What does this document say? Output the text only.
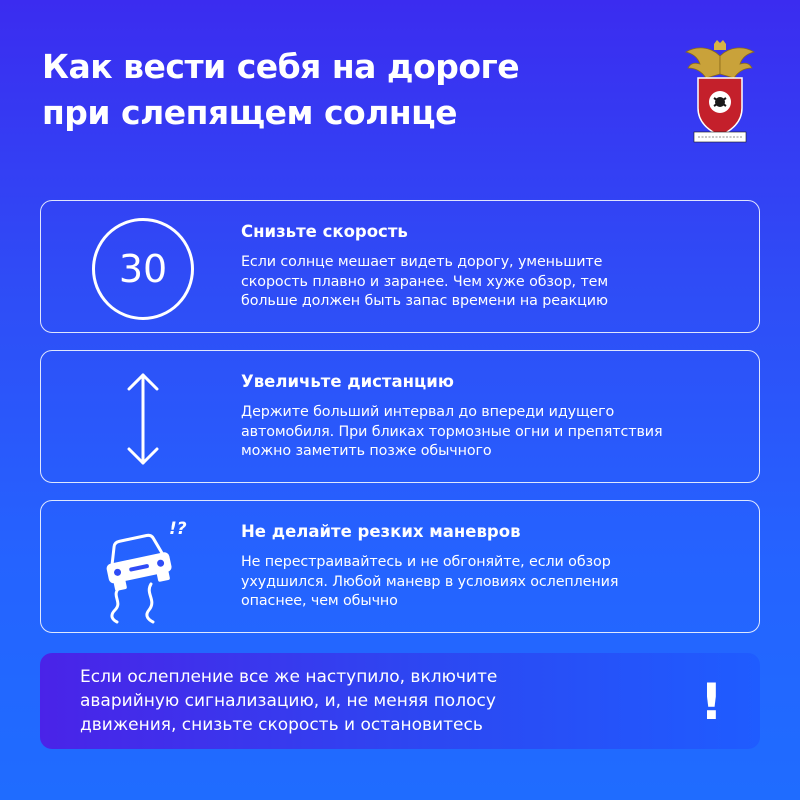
Как вести себя на дороге
при слепящем солнце
30
Снизьте скорость
Если солнце мешает видеть дорогу, уменьшите
скорость плавно и заранее. Чем хуже обзор, тем
больше должен быть запас времени на реакцию
Увеличьте дистанцию
Держите больший интервал до впереди идущего
автомобиля. При бликах тормозные огни и препятствия
можно заметить позже обычного
!?	Не делайте резких маневров
Не перестраивайтесь и не обгоняйте, если обзор
ухудшился. Любой маневр в условиях ослепления
опаснее, чем обычно
Если ослепление все же наступило, включите
аварийную сигнализацию, и, не меняя полосу
движения, снизьте скорость и остановитесь	!
